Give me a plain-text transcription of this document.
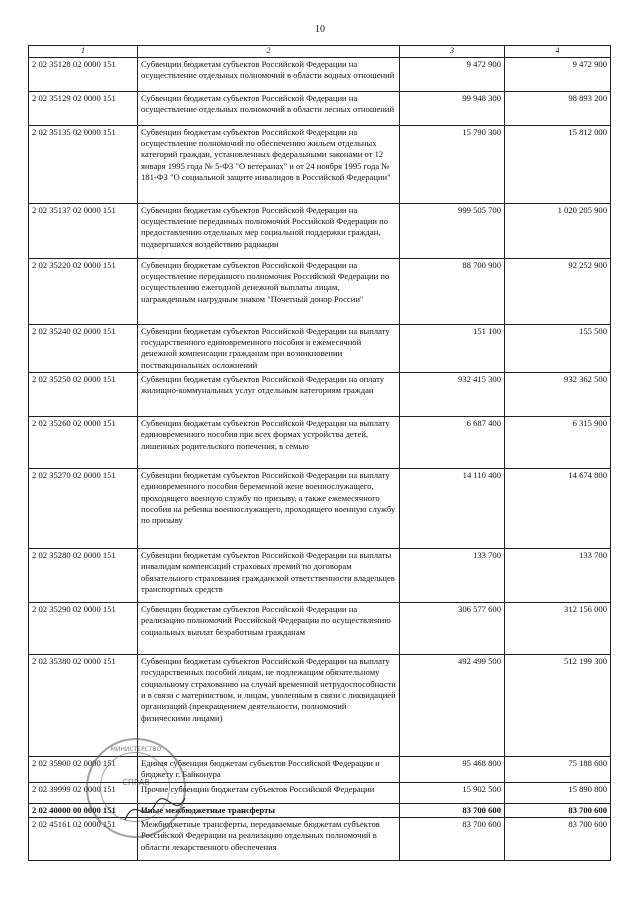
10
1	2	3	4
2 02 35128 02 0000 151	Субвенции бюджетам субъектов Российской Федерации на осуществление отдельных полномочий в области водных отношений	9 472 900	9 472 900
2 02 35129 02 0000 151	Субвенции бюджетам субъектов Российской Федерации на осуществление отдельных полномочий в области лесных отношений	99 948 300	98 893 200
2 02 35135 02 0000 151	Субвенции бюджетам субъектов Российской Федерации на осуществление полномочий по обеспечению жильем отдельных категорий граждан, установленных федеральными законами от 12 января 1995 года № 5-ФЗ "О ветеранах" и от 24 ноября 1995 года № 181-ФЗ "О социальной защите инвалидов в Российской Федерации"	15 790 300	15 812 000
2 02 35137 02 0000 151	Субвенции бюджетам субъектов Российской Федерации на осуществление переданных полномочий Российской Федерации по предоставлению отдельных мер социальной поддержки граждан, подвергшихся воздействию радиации	999 505 700	1 020 205 900
2 02 35220 02 0000 151	Субвенции бюджетам субъектов Российской Федерации на осуществление переданного полномочия Российской Федерации по осуществлению ежегодной денежной выплаты лицам, награжденным нагрудным знаком "Почетный донор России"	88 700 900	92 252 900
2 02 35240 02 0000 151	Субвенции бюджетам субъектов Российской Федерации на выплату государственного единовременного пособия и ежемесячной денежной компенсации гражданам при возникновении поствакцинальных осложнений	151 100	155 500
2 02 35250 02 0000 151	Субвенции бюджетам субъектов Российской Федерации на оплату жилищно-коммунальных услуг отдельным категориям граждан	932 415 300	932 362 500
2 02 35260 02 0000 151	Субвенции бюджетам субъектов Российской Федерации на выплату единовременного пособия при всех формах устройства детей, лишенных родительского попечения, в семью	6 687 400	6 315 900
2 02 35270 02 0000 151	Субвенции бюджетам субъектов Российской Федерации на выплату единовременного пособия беременной жене военнослужащего, проходящего военную службу по призыву, а также ежемесячного пособия на ребенка военнослужащего, проходящего военную службу по призыву	14 110 400	14 674 800
2 02 35280 02 0000 151	Субвенции бюджетам субъектов Российской Федерации на выплаты инвалидам компенсаций страховых премий по договорам обязательного страхования гражданской ответственности владельцев транспортных средств	133 700	133 700
2 02 35290 02 0000 151	Субвенции бюджетам субъектов Российской Федерации на реализацию полномочий Российской Федерации по осуществлению социальных выплат безработным гражданам	306 577 600	312 156 000
2 02 35380 02 0000 151	Субвенции бюджетам субъектов Российской Федерации на выплату государственных пособий лицам, не подлежащим обязательному социальному страхованию на случай временной нетрудоспособности и в связи с материнством, и лицам, уволенным в связи с ликвидацией организаций (прекращением деятельности, полномочий физическими лицами)	492 499 500	512 199 300
2 02 35900 02 0000 151	Единая субвенция бюджетам субъектов Российской Федерации и бюджету г. Байконура	95 468 800	75 188 600
2 02 39999 02 0000 151	Прочие субвенции бюджетам субъектов Российской Федерации	15 902 500	15 890 800
2 02 40000 00 0000 151	Иные межбюджетные трансферты	83 700 600	83 700 600
2 02 45161 02 0000 151	Межбюджетные трансферты, передаваемые бюджетам субъектов Российской Федерации на реализацию отдельных полномочий в области лекарственного обеспечения	83 700 600	83 700 600
МИНИСТЕРСТВО
СПРАВ
